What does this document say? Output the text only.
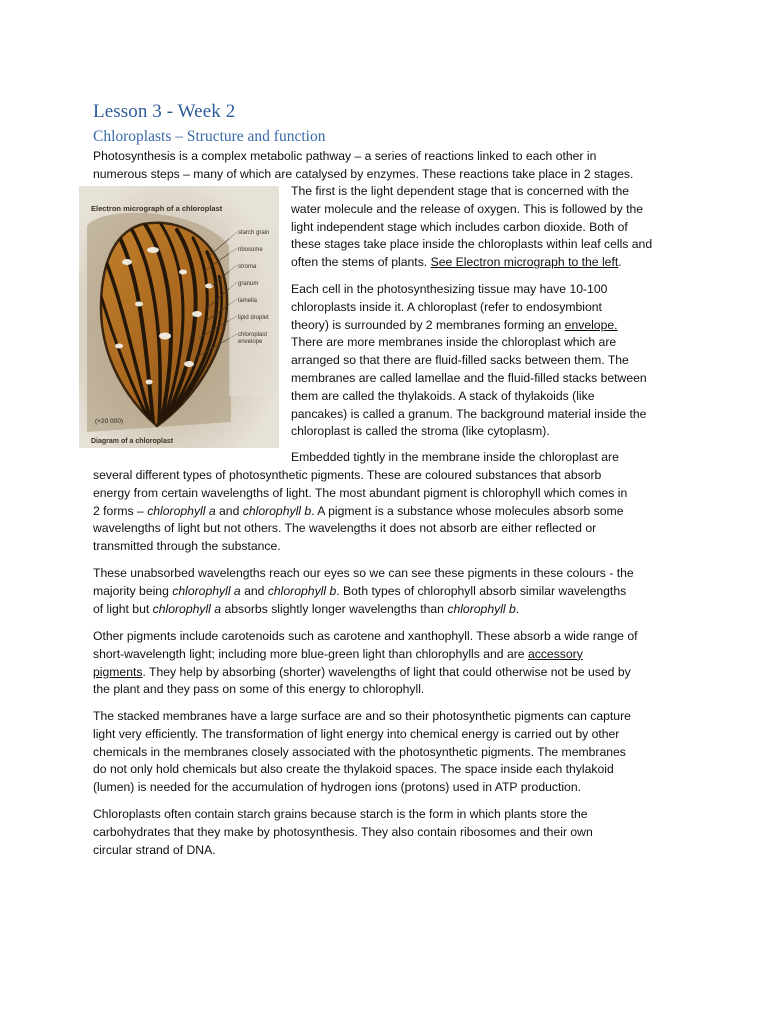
Lesson 3 - Week 2
Chloroplasts – Structure and function
Photosynthesis is a complex metabolic pathway – a series of reactions linked to each other in
numerous steps – many of which are catalysed by enzymes. These reactions take place in 2 stages.
The first is the light dependent stage that is concerned with the
water molecule and the release of oxygen. This is followed by the
light independent stage which includes carbon dioxide. Both of
these stages take place inside the chloroplasts within leaf cells and
often the stems of plants. See Electron micrograph to the left.
Electron micrograph of a chloroplast
starch grain
ribosome
stroma
granum
lamella
lipid droplet
chloroplast
envelope
(×20 000)
Diagram of a chloroplast
Each cell in the photosynthesizing tissue may have 10-100
chloroplasts inside it. A chloroplast (refer to endosymbiont
theory) is surrounded by 2 membranes forming an envelope.
There are more membranes inside the chloroplast which are
arranged so that there are fluid-filled sacks between them. The
membranes are called lamellae and the fluid-filled stacks between
them are called the thylakoids. A stack of thylakoids (like
pancakes) is called a granum. The background material inside the
chloroplast is called the stroma (like cytoplasm).
Embedded tightly in the membrane inside the chloroplast are
several different types of photosynthetic pigments. These are coloured substances that absorb
energy from certain wavelengths of light. The most abundant pigment is chlorophyll which comes in
2 forms – chlorophyll a and chlorophyll b. A pigment is a substance whose molecules absorb some
wavelengths of light but not others. The wavelengths it does not absorb are either reflected or
transmitted through the substance.
These unabsorbed wavelengths reach our eyes so we can see these pigments in these colours - the
majority being chlorophyll a and chlorophyll b. Both types of chlorophyll absorb similar wavelengths
of light but chlorophyll a absorbs slightly longer wavelengths than chlorophyll b.
Other pigments include carotenoids such as carotene and xanthophyll. These absorb a wide range of
short-wavelength light; including more blue-green light than chlorophylls and are accessory
pigments. They help by absorbing (shorter) wavelengths of light that could otherwise not be used by
the plant and they pass on some of this energy to chlorophyll.
The stacked membranes have a large surface are and so their photosynthetic pigments can capture
light very efficiently. The transformation of light energy into chemical energy is carried out by other
chemicals in the membranes closely associated with the photosynthetic pigments. The membranes
do not only hold chemicals but also create the thylakoid spaces. The space inside each thylakoid
(lumen) is needed for the accumulation of hydrogen ions (protons) used in ATP production.
Chloroplasts often contain starch grains because starch is the form in which plants store the
carbohydrates that they make by photosynthesis. They also contain ribosomes and their own
circular strand of DNA.
